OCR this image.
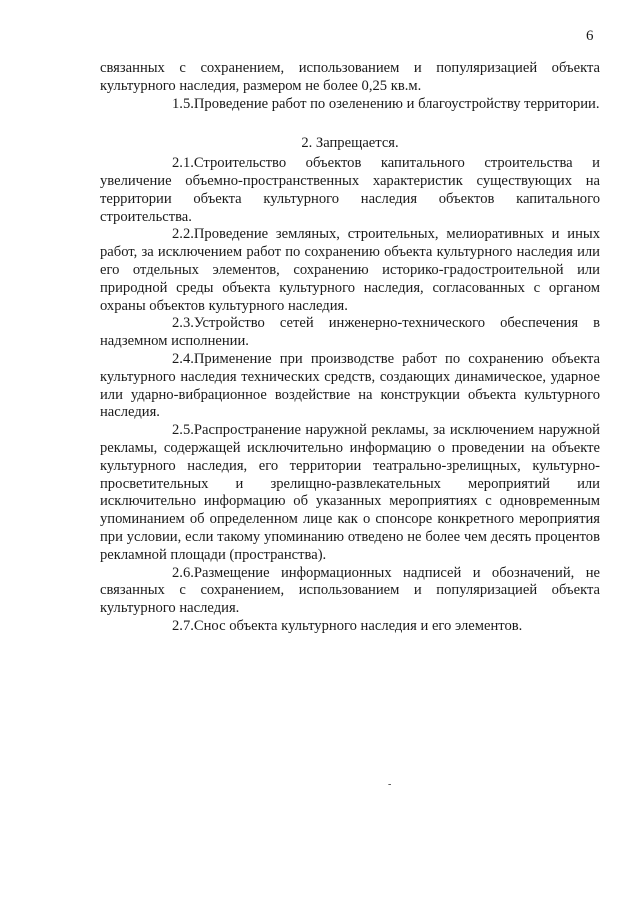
6

связанных с сохранением, использованием и популяризацией объекта культурного наследия, размером не более 0,25 кв.м.

1.5.Проведение работ по озеленению и благоустройству территории.

2. Запрещается.

2.1.Строительство объектов капитального строительства и увеличение объемно-пространственных характеристик существующих на территории объекта культурного наследия объектов капитального строительства.

2.2.Проведение земляных, строительных, мелиоративных и иных работ, за исключением работ по сохранению объекта культурного наследия или его отдельных элементов, сохранению историко-градостроительной или природной среды объекта культурного наследия, согласованных с органом охраны объектов культурного наследия.

2.3.Устройство сетей инженерно-технического обеспечения в надземном исполнении.

2.4.Применение при производстве работ по сохранению объекта культурного наследия технических средств, создающих динамическое, ударное или ударно-вибрационное воздействие на конструкции объекта культурного наследия.

2.5.Распространение наружной рекламы, за исключением наружной рекламы, содержащей исключительно информацию о проведении на объекте культурного наследия, его территории театрально-зрелищных, культурно-просветительных и зрелищно-развлекательных мероприятий или исключительно информацию об указанных мероприятиях с одновременным упоминанием об определенном лице как о спонсоре конкретного мероприятия при условии, если такому упоминанию отведено не более чем десять процентов рекламной площади (пространства).

2.6.Размещение информационных надписей и обозначений, не связанных с сохранением, использованием и популяризацией объекта культурного наследия.

2.7.Снос объекта культурного наследия и его элементов.

-
